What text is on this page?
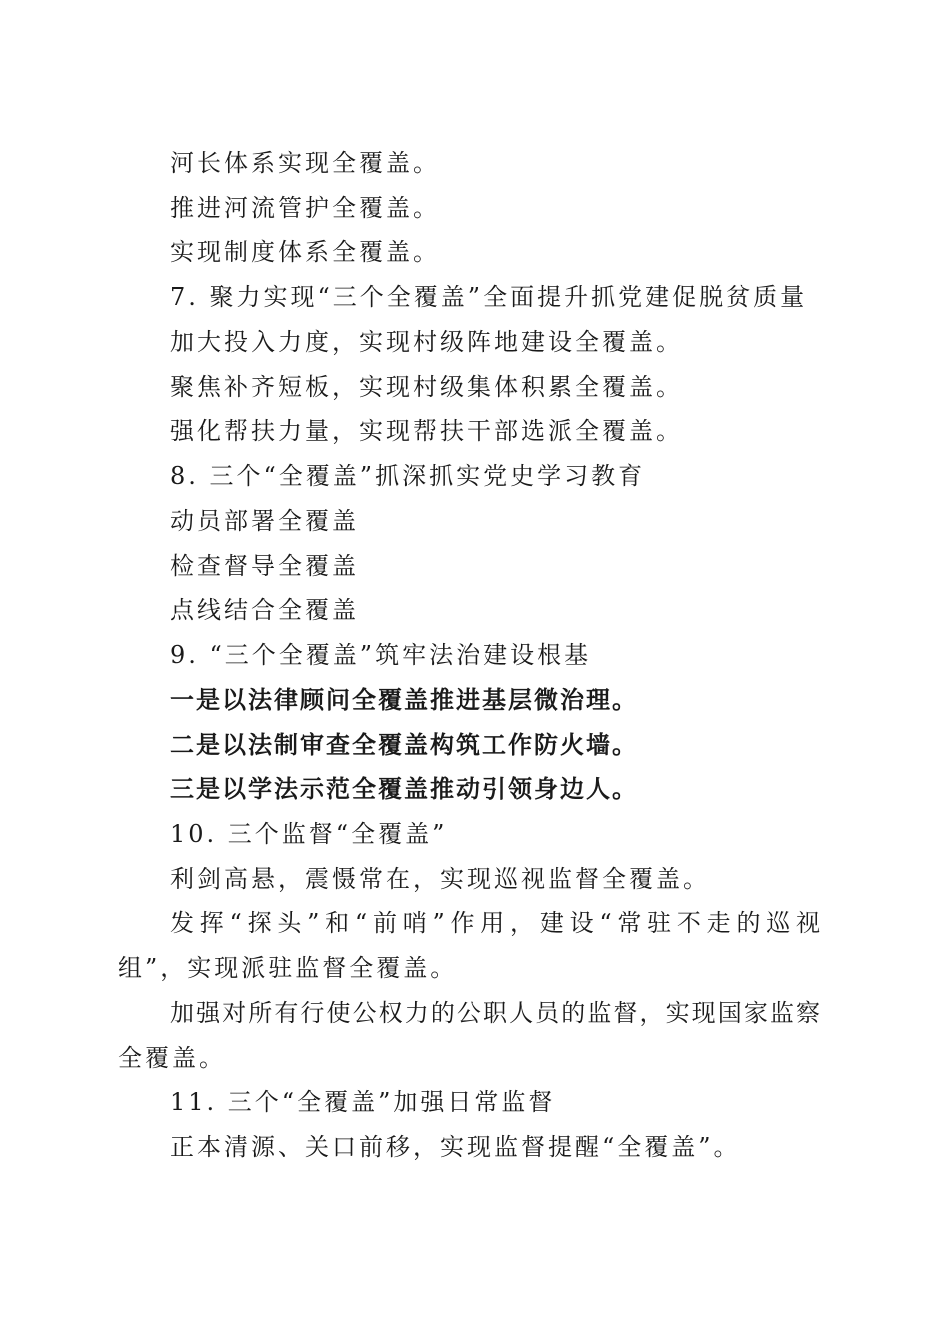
河长体系实现全覆盖。
推进河流管护全覆盖。
实现制度体系全覆盖。
7. 聚力实现“三个全覆盖”全面提升抓党建促脱贫质量
加大投入力度，实现村级阵地建设全覆盖。
聚焦补齐短板，实现村级集体积累全覆盖。
强化帮扶力量，实现帮扶干部选派全覆盖。
8. 三个“全覆盖”抓深抓实党史学习教育
动员部署全覆盖
检查督导全覆盖
点线结合全覆盖
9. “三个全覆盖”筑牢法治建设根基
一是以法律顾问全覆盖推进基层微治理。
二是以法制审查全覆盖构筑工作防火墙。
三是以学法示范全覆盖推动引领身边人。
10. 三个监督“全覆盖”
利剑高悬，震慑常在，实现巡视监督全覆盖。
发挥“探头”和“前哨”作用，建设“常驻不走的巡视
组”，实现派驻监督全覆盖。
加强对所有行使公权力的公职人员的监督，实现国家监察
全覆盖。
11. 三个“全覆盖”加强日常监督
正本清源、关口前移，实现监督提醒“全覆盖”。
